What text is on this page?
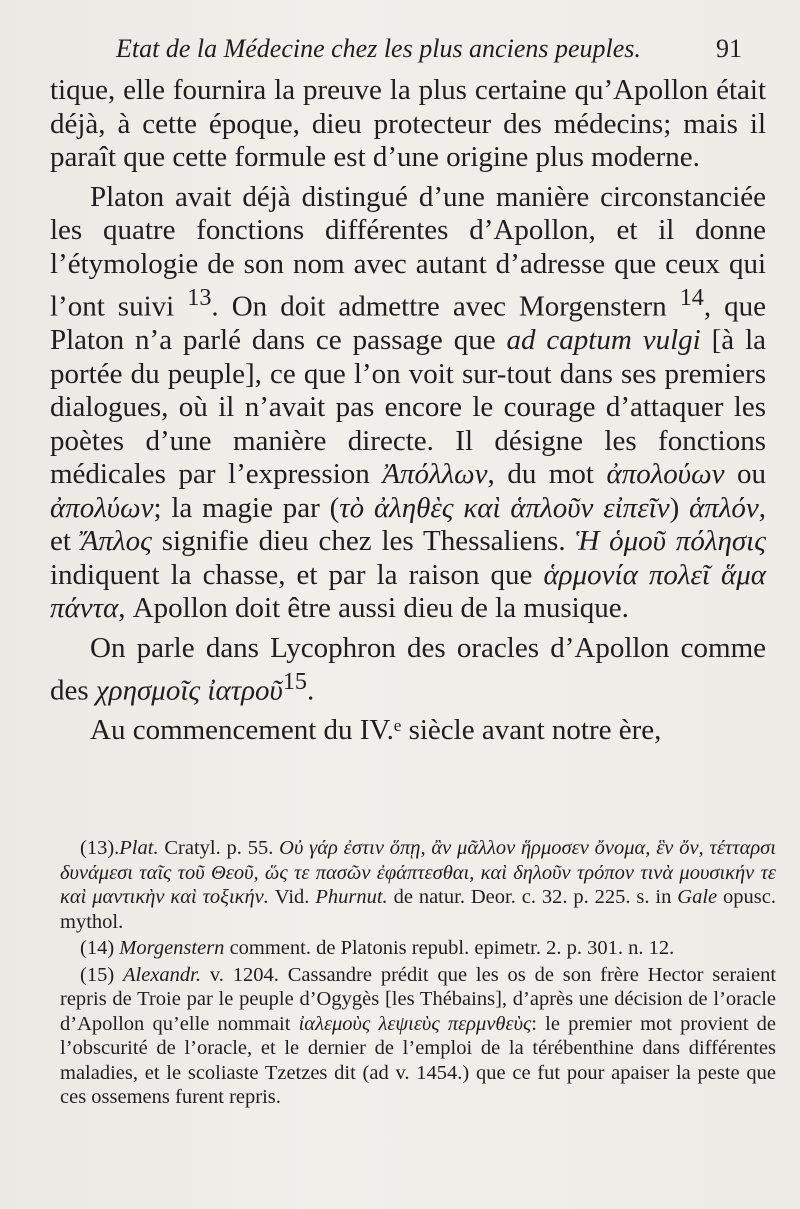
Etat de la Médecine chez les plus anciens peuples.	91

tique, elle fournira la preuve la plus certaine qu’Apollon était déjà, à cette époque, dieu protecteur des médecins; mais il paraît que cette formule est d’une origine plus moderne.

Platon avait déjà distingué d’une manière circonstanciée les quatre fonctions différentes d’Apollon, et il donne l’étymologie de son nom avec autant d’adresse que ceux qui l’ont suivi $^{13}$. On doit admettre avec Morgenstern $^{14}$, que Platon n’a parlé dans ce passage que ad captum vulgi [à la portée du peuple], ce que l’on voit sur-tout dans ses premiers dialogues, où il n’avait pas encore le courage d’attaquer les poètes d’une manière directe. Il désigne les fonctions médicales par l’expression Ἀπόλλων, du mot ἀπολούων ou ἀπολύων; la magie par (τὸ ἀληθὲς καὶ ἁπλοῦν εἰπεῖν) ἁπλόν, et Ἄπλος signifie dieu chez les Thessaliens. Ἡ ὁμοῦ πόλησις indiquent la chasse, et par la raison que ἁρμονία πολεῖ ἅμα πάντα, Apollon doit être aussi dieu de la musique.

On parle dans Lycophron des oracles d’Apollon comme des χρησμοῖς ἰατροῦ$^{15}$.

Au commencement du IV.ᵉ siècle avant notre ère,

(13).Plat. Cratyl. p. 55. Οὐ γάρ ἐστιν ὅπῃ, ἂν μᾶλλον ἥρμοσεν ὄνομα, ἓν ὄν, τέτταρσι δυνάμεσι ταῖς τοῦ Θεοῦ, ὥς τε πασῶν ἐφάπτεσθαι, καὶ δηλοῦν τρόπον τινὰ μουσικήν τε καὶ μαντικὴν καὶ τοξικήν. Vid. Phurnut. de natur. Deor. c. 32. p. 225. s. in Gale opusc. mythol.

(14) Morgenstern comment. de Platonis republ. epimetr. 2. p. 301. n. 12.

(15) Alexandr. v. 1204. Cassandre prédit que les os de son frère Hector seraient repris de Troie par le peuple d’Ogygès [les Thébains], d’après une décision de l’oracle d’Apollon qu’elle nommait ἰαλεμοὺς λεψιεὺς περμνθεὺς: le premier mot provient de l’obscurité de l’oracle, et le dernier de l’emploi de la térébenthine dans différentes maladies, et le scoliaste Tzetzes dit (ad v. 1454.) que ce fut pour apaiser la peste que ces ossemens furent repris.
